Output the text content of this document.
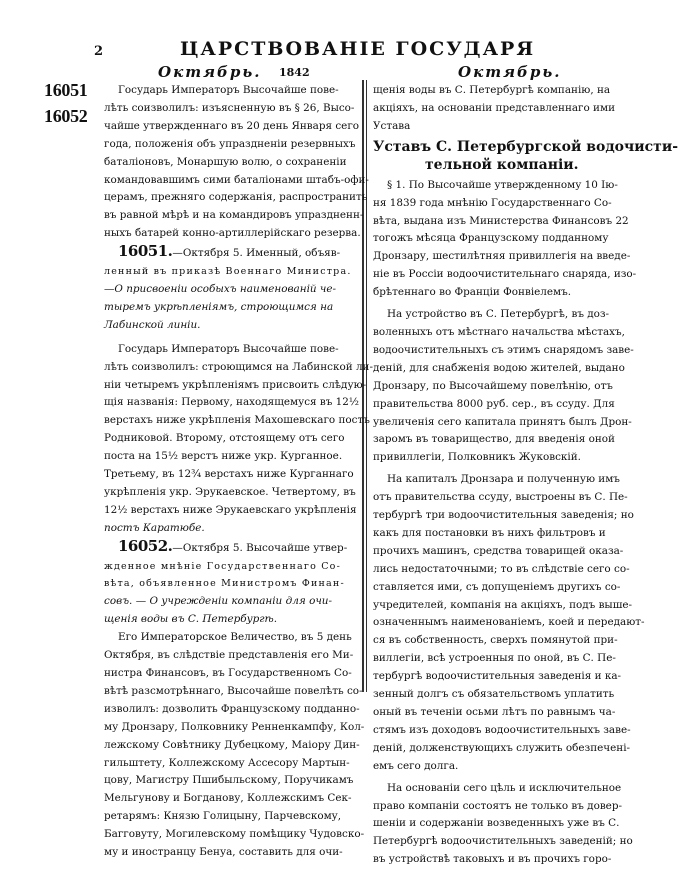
2	ЦАРСТВОВАНІЕ ГОСУДАРЯ
Октябрь. 1842	Октябрь.
16051
16052

Государь Императоръ Высочайше пове-
лѣть соизволилъ: изъясненную въ § 26, Высо-
чайше утвержденнаго въ 20 день Января сего
года, положенія объ упраздненіи резервныхъ
баталіоновъ, Монаршую волю, о сохраненіи
командовавшимъ сими баталіонами штабъ-офи-
церамъ, прежняго содержанія, распространить
въ равной мѣрѣ и на командировъ упраздненн-
ныхъ батарей конно-артиллерійскаго резерва.

16051.—Октября 5. Именный, объяв-
ленный въ приказѣ Военнаго Министра.
—О присвоеніи особыхъ наименованій че-
тыремъ укрѣпленіямъ, строющимся на
Лабинской линіи.

Государь Императоръ Высочайше пове-
лѣть соизволилъ: строющимся на Лабинской ли-
ніи четыремъ укрѣпленіямъ присвоить слѣдую-
щія названія: Первому, находящемуся въ 12½
верстахъ ниже укрѣпленія Махошевскаго постъ
Родниковой. Второму, отстоящему отъ сего
поста на 15½ верстъ ниже укр. Курганное.
Третьему, въ 12¾ верстахъ ниже Курганнаго
укрѣпленія укр. Эрукаевское. Четвертому, въ
12½ верстахъ ниже Эрукаевскаго укрѣпленія
постъ Каратюбе.

16052.—Октября 5. Высочайше утвер-
жденное мнѣніе Государственнаго Со-
вѣта, объявленное Министромъ Финан-
совъ. — О учрежденіи компаніи для очи-
щенія воды въ С. Петербургѣ.

Его Императорское Величество, въ 5 день
Октября, въ слѣдствіе представленія его Ми-
нистра Финансовъ, въ Государственномъ Со-
вѣтѣ разсмотрѣннаго, Высочайше повелѣть со-
изволилъ: дозволить Французскому подданно-
му Дронзару, Полковнику Ренненкампфу, Кол-
лежскому Совѣтнику Дубецкому, Маіору Дин-
гильштету, Коллежскому Ассесору Мартын-
цову, Магистру Пшибыльскому, Поручикамъ
Мельгунову и Богданову, Коллежскимъ Сек-
ретарямъ: Князю Голицыну, Парчевскому,
Багговуту, Могилевскому помѣщику Чудовско-
му и иностранцу Бенуа, составить для очи-

щенія воды въ С. Петербургѣ компанію, на
акціяхъ, на основаніи представленнаго ими
Устава

Уставъ С. Петербургской водочисти-
тельной компаніи.

§ 1. По Высочайше утвержденному 10 Ію-
ня 1839 года мнѣнію Государственнаго Со-
вѣта, выдана изъ Министерства Финансовъ 22
тогожъ мѣсяца Французскому подданному
Дронзару, шестилѣтняя привиллегія на введе-
ніе въ Россіи водоочистительнаго снаряда, изо-
брѣтеннаго во Франціи Фонвіелемъ.

На устройство въ С. Петербургѣ, въ доз-
воленныхъ отъ мѣстнаго начальства мѣстахъ,
водоочистительныхъ съ этимъ снарядомъ заве-
деній, для снабженія водою жителей, выдано
Дронзару, по Высочайшему повелѣнію, отъ
правительства 8000 руб. сер., въ ссуду. Для
увеличенія сего капитала принятъ былъ Дрон-
заромъ въ товарищество, для введенія оной
привиллегіи, Полковникъ Жуковскій.

На капиталъ Дронзара и полученную имъ
отъ правительства ссуду, выстроены въ С. Пе-
тербургѣ три водоочистительныя заведенія; но
какъ для постановки въ нихъ фильтровъ и
прочихъ машинъ, средства товарищей оказа-
лись недостаточными; то въ слѣдствіе сего со-
ставляется ими, съ допущеніемъ другихъ со-
учредителей, компанія на акціяхъ, подъ выше-
означеннымъ наименованіемъ, коей и передают-
ся въ собственность, сверхъ помянутой при-
виллегіи, всѣ устроенныя по оной, въ С. Пе-
тербургѣ водоочистительныя заведенія и ка-
зенный долгъ съ обязательствомъ уплатить
оный въ теченіи осьми лѣтъ по равнымъ ча-
стямъ изъ доходовъ водоочистительныхъ заве-
деній, долженствующихъ служить обезпечені-
емъ сего долга.

На основаніи сего цѣль и исключительное
право компаніи состоятъ не только въ довер-
шеніи и содержаніи возведенныхъ уже въ С.
Петербургѣ водоочистительныхъ заведеній; но
въ устройствѣ таковыхъ и въ прочихъ горо-
